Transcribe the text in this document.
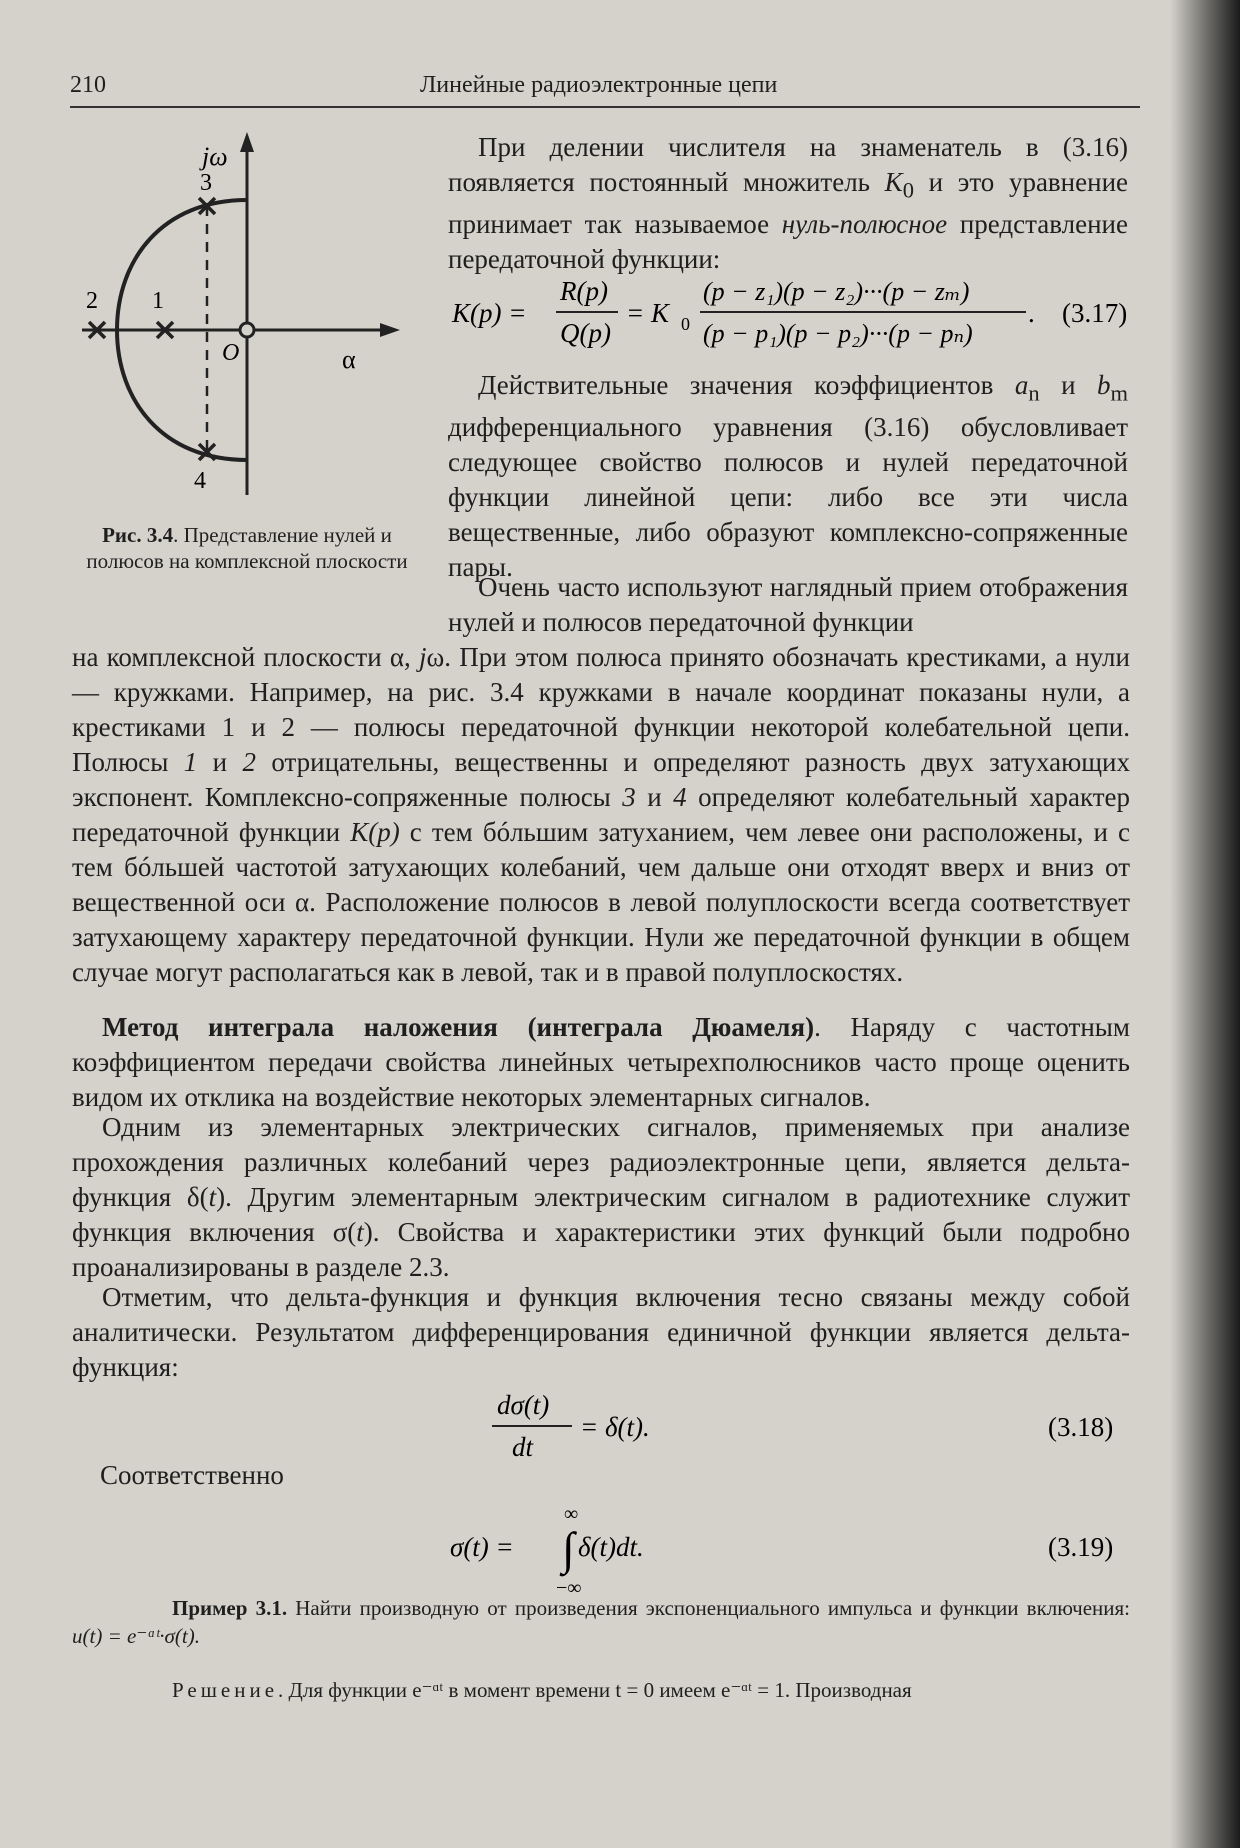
210	Линейные радиоэлектронные цепи
jω
α
O
1
2
3
4
Рис. 3.4. Представление нулей и полюсов на комплексной плоскости
При делении числителя на знаменатель в (3.16) появляется постоянный множитель $K_0$ и это уравнение принимает так называемое нуль-полюсное представление передаточной функции:
K(p) =
R(p)
Q(p)
= K 0
(p − z₁)(p − z₂)···(p − zₘ)
(p − p₁)(p − p₂)···(p − pₙ)
. (3.17)
Действительные значения коэффициентов $a_n$ и $b_m$ дифференциального уравнения (3.16) обусловливает следующее свойство полюсов и нулей передаточной функции линейной цепи: либо все эти числа вещественные, либо образуют комплексно-сопряженные пары.
Очень часто используют наглядный прием отображения нулей и полюсов передаточной функции
на комплексной плоскости α, jω. При этом полюса принято обозначать крестиками, а нули — кружками. Например, на рис. 3.4 кружками в начале координат показаны нули, а крестиками 1 и 2 — полюсы передаточной функции некоторой колебательной цепи. Полюсы 1 и 2 отрицательны, вещественны и определяют разность двух затухающих экспонент. Комплексно-сопряженные полюсы 3 и 4 определяют колебательный характер передаточной функции K(p) с тем бóльшим затуханием, чем левее они расположены, и с тем бóльшей частотой затухающих колебаний, чем дальше они отходят вверх и вниз от вещественной оси α. Расположение полюсов в левой полуплоскости всегда соответствует затухающему характеру передаточной функции. Нули же передаточной функции в общем случае могут располагаться как в левой, так и в правой полуплоскостях.
Метод интеграла наложения (интеграла Дюамеля). Наряду с частотным коэффициентом передачи свойства линейных четырехполюсников часто проще оценить видом их отклика на воздействие некоторых элементарных сигналов.
Одним из элементарных электрических сигналов, применяемых при анализе прохождения различных колебаний через радиоэлектронные цепи, является дельта-функция δ(t). Другим элементарным электрическим сигналом в радиотехнике служит функция включения σ(t). Свойства и характеристики этих функций были подробно проанализированы в разделе 2.3.
Отметим, что дельта-функция и функция включения тесно связаны между собой аналитически. Результатом дифференцирования единичной функции является дельта-функция:
dσ(t)
dt
= δ(t).	(3.18)
Соответственно
σ(t) =
∞
∫
−∞
δ(t)dt.	(3.19)
Пример 3.1. Найти производную от произведения экспоненциального импульса и функции включения: u(t) = e⁻ᵅᵗ·σ(t).
Решение. Для функции e⁻ᵅᵗ в момент времени t = 0 имеем e⁻ᵅᵗ = 1. Производная
